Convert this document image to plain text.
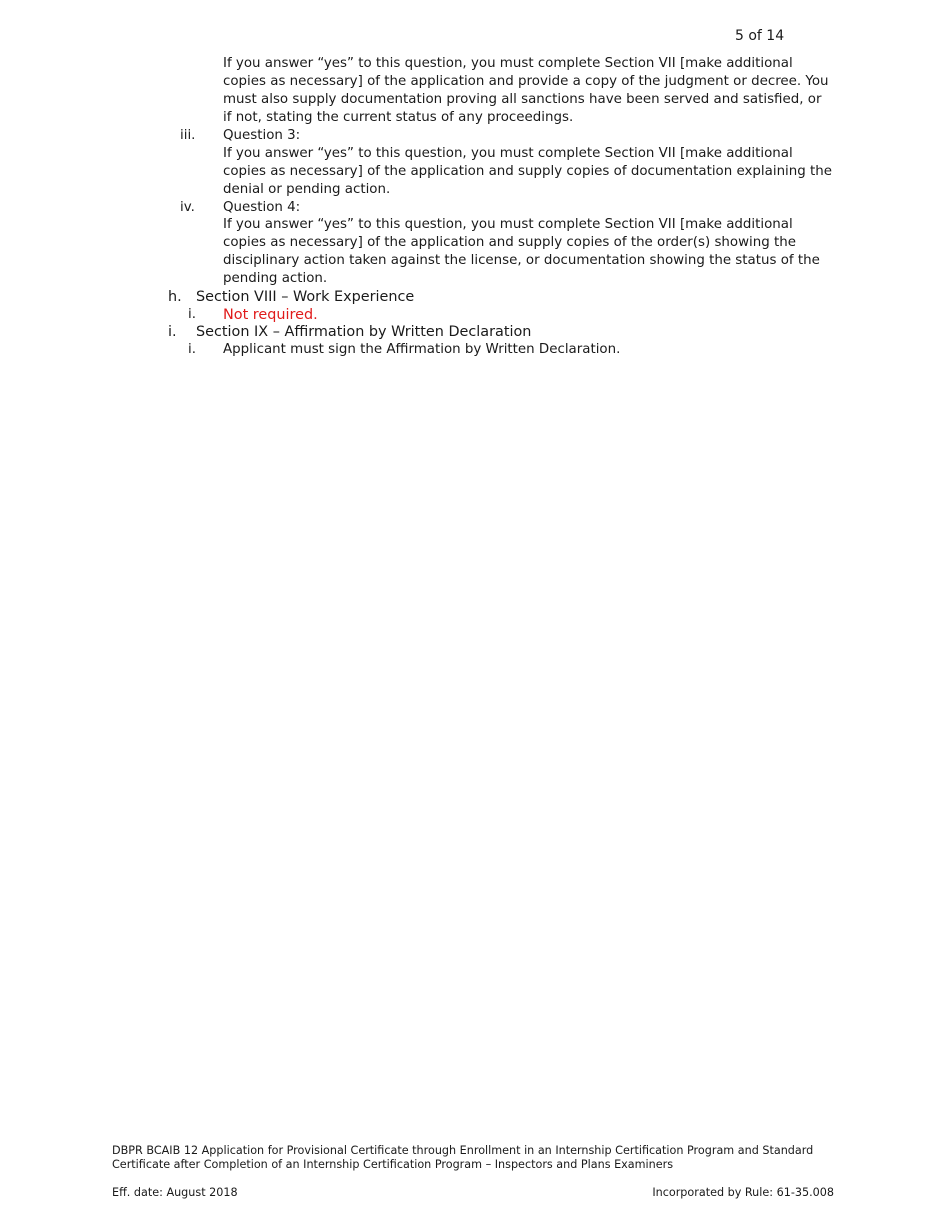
5 of 14
If you answer “yes” to this question, you must complete Section VII [make additional copies as necessary] of the application and provide a copy of the judgment or decree. You must also supply documentation proving all sanctions have been served and satisfied, or if not, stating the current status of any proceedings.
iii. Question 3:
If you answer “yes” to this question, you must complete Section VII [make additional copies as necessary] of the application and supply copies of documentation explaining the denial or pending action.
iv. Question 4:
If you answer “yes” to this question, you must complete Section VII [make additional copies as necessary] of the application and supply copies of the order(s) showing the disciplinary action taken against the license, or documentation showing the status of the pending action.
h. Section VIII – Work Experience
i. Not required.
i. Section IX – Affirmation by Written Declaration
i. Applicant must sign the Affirmation by Written Declaration.
DBPR BCAIB 12 Application for Provisional Certificate through Enrollment in an Internship Certification Program and Standard Certificate after Completion of an Internship Certification Program – Inspectors and Plans Examiners
Eff. date: August 2018	Incorporated by Rule: 61-35.008
